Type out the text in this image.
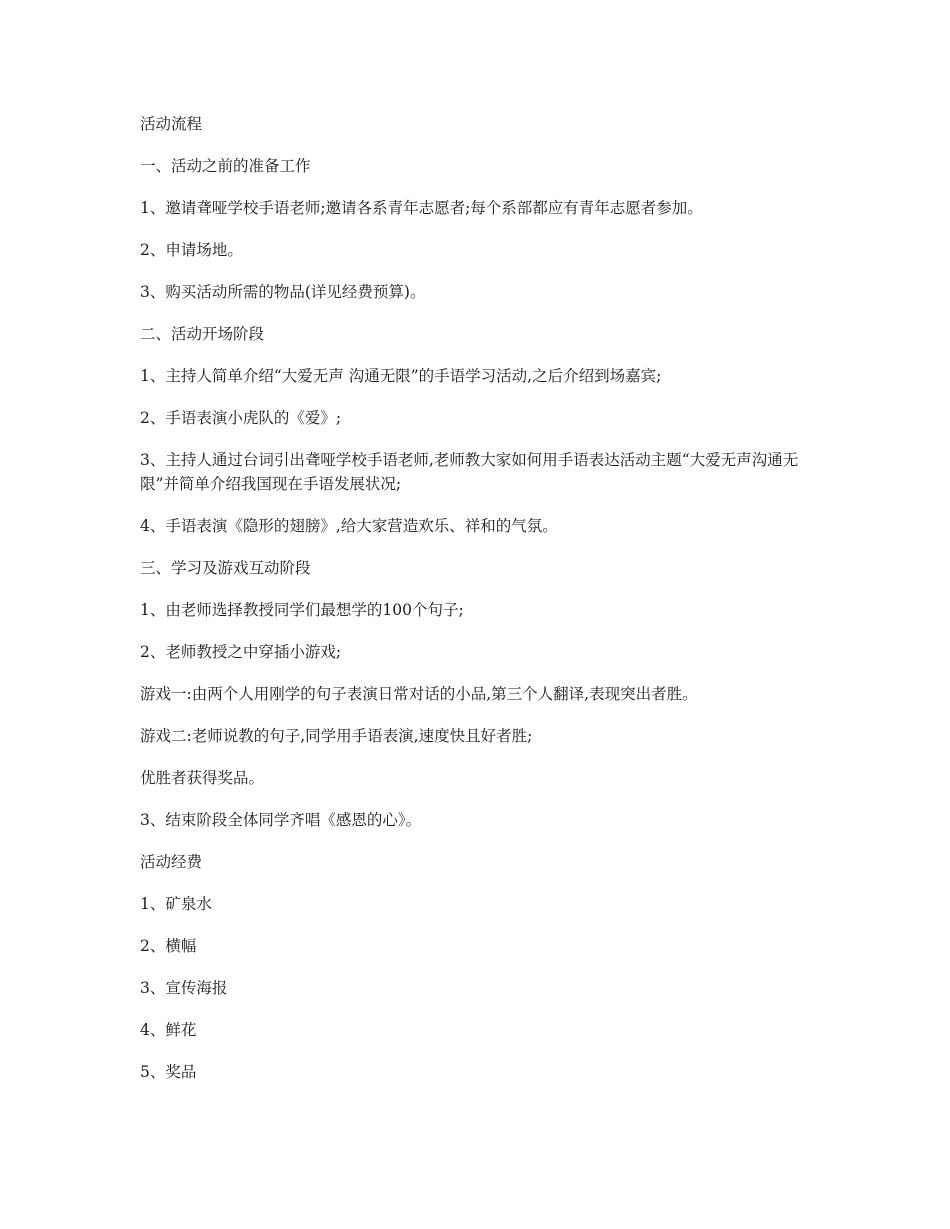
活动流程

一、活动之前的准备工作

1、邀请聋哑学校手语老师;邀请各系青年志愿者;每个系部都应有青年志愿者参加。

2、申请场地。

3、购买活动所需的物品(详见经费预算)。

二、活动开场阶段

1、主持人简单介绍“大爱无声 沟通无限”的手语学习活动,之后介绍到场嘉宾;

2、手语表演小虎队的《爱》;

3、主持人通过台词引出聋哑学校手语老师,老师教大家如何用手语表达活动主题“大爱无声沟通无限”并简单介绍我国现在手语发展状况;

4、手语表演《隐形的翅膀》,给大家营造欢乐、祥和的气氛。

三、学习及游戏互动阶段

1、由老师选择教授同学们最想学的100个句子;

2、老师教授之中穿插小游戏;

游戏一:由两个人用刚学的句子表演日常对话的小品,第三个人翻译,表现突出者胜。

游戏二:老师说教的句子,同学用手语表演,速度快且好者胜;

优胜者获得奖品。

3、结束阶段全体同学齐唱《感恩的心》。

活动经费

1、矿泉水

2、横幅

3、宣传海报

4、鲜花

5、奖品
